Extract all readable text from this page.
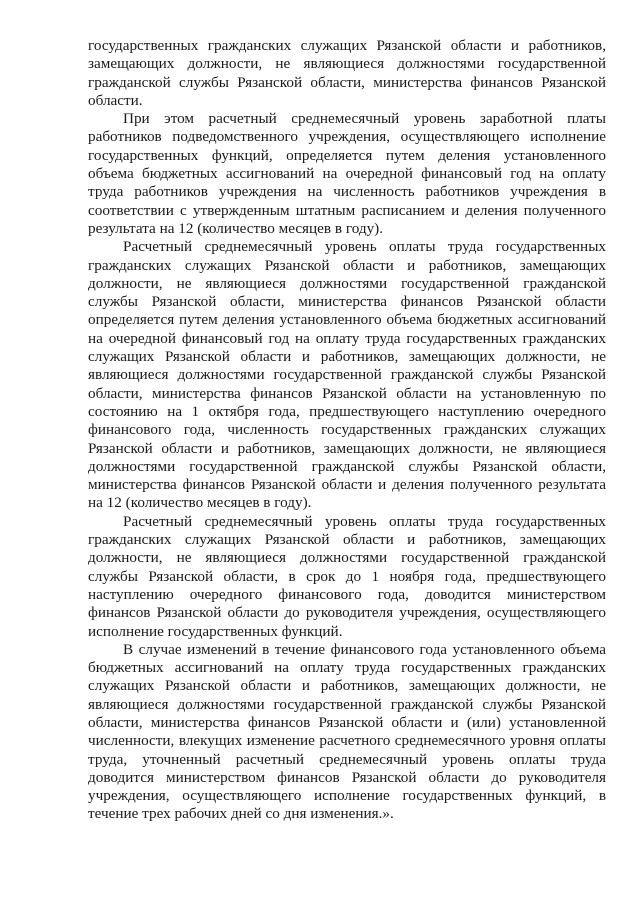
государственных гражданских служащих Рязанской области и работников, замещающих должности, не являющиеся должностями государственной гражданской службы Рязанской области, министерства финансов Рязанской области.

При этом расчетный среднемесячный уровень заработной платы работников подведомственного учреждения, осуществляющего исполнение государственных функций, определяется путем деления установленного объема бюджетных ассигнований на очередной финансовый год на оплату труда работников учреждения на численность работников учреждения в соответствии с утвержденным штатным расписанием и деления полученного результата на 12 (количество месяцев в году).

Расчетный среднемесячный уровень оплаты труда государственных гражданских служащих Рязанской области и работников, замещающих должности, не являющиеся должностями государственной гражданской службы Рязанской области, министерства финансов Рязанской области определяется путем деления установленного объема бюджетных ассигнований на очередной финансовый год на оплату труда государственных гражданских служащих Рязанской области и работников, замещающих должности, не являющиеся должностями государственной гражданской службы Рязанской области, министерства финансов Рязанской области на установленную по состоянию на 1 октября года, предшествующего наступлению очередного финансового года, численность государственных гражданских служащих Рязанской области и работников, замещающих должности, не являющиеся должностями государственной гражданской службы Рязанской области, министерства финансов Рязанской области и деления полученного результата на 12 (количество месяцев в году).

Расчетный среднемесячный уровень оплаты труда государственных гражданских служащих Рязанской области и работников, замещающих должности, не являющиеся должностями государственной гражданской службы Рязанской области, в срок до 1 ноября года, предшествующего наступлению очередного финансового года, доводится министерством финансов Рязанской области до руководителя учреждения, осуществляющего исполнение государственных функций.

В случае изменений в течение финансового года установленного объема бюджетных ассигнований на оплату труда государственных гражданских служащих Рязанской области и работников, замещающих должности, не являющиеся должностями государственной гражданской службы Рязанской области, министерства финансов Рязанской области и (или) установленной численности, влекущих изменение расчетного среднемесячного уровня оплаты труда, уточненный расчетный среднемесячный уровень оплаты труда доводится министерством финансов Рязанской области до руководителя учреждения, осуществляющего исполнение государственных функций, в течение трех рабочих дней со дня изменения.».
